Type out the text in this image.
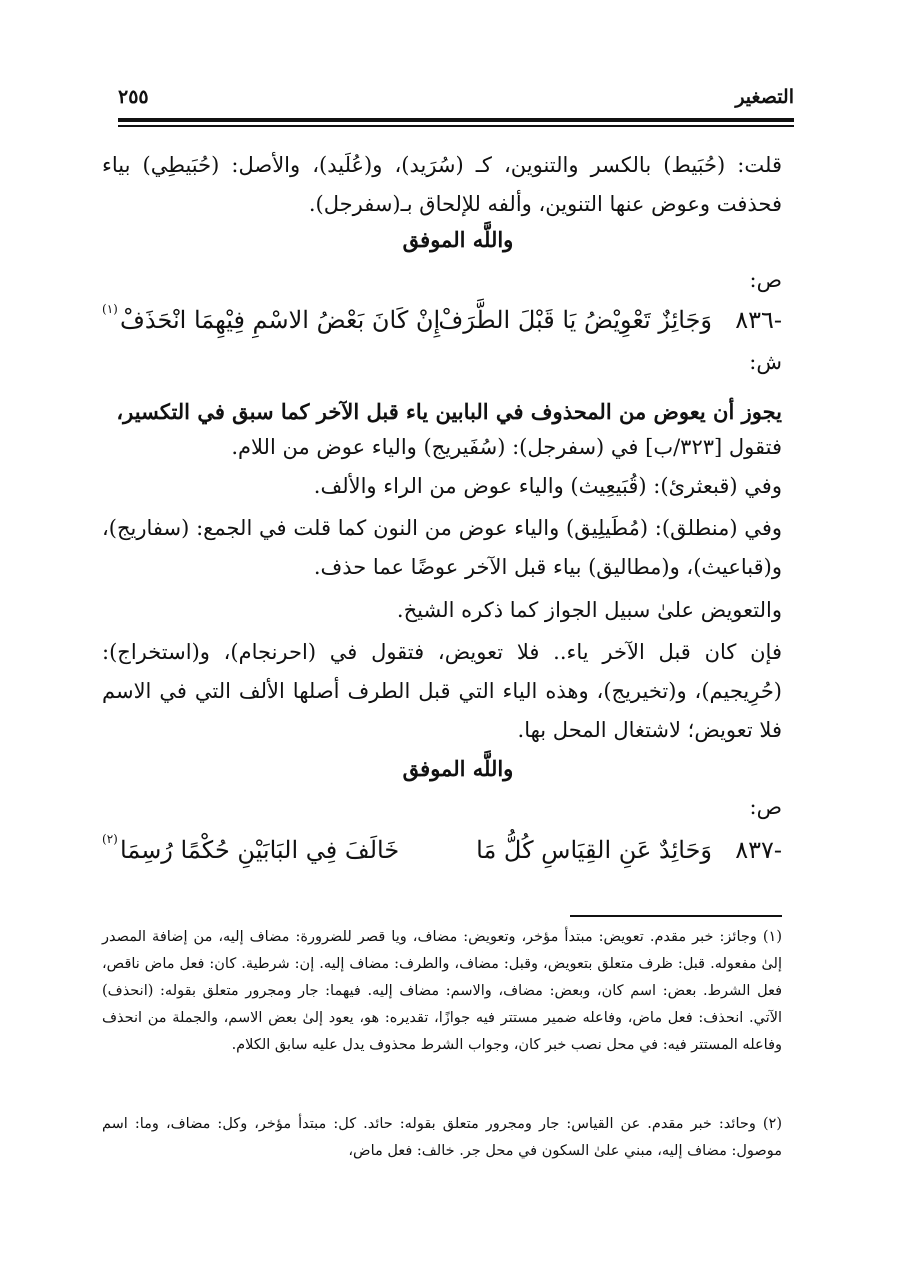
التصغير
٢٥٥
قلت: (حُبَيط) بالكسر والتنوين، كـ (سُرَيد)، و(عُلَيد)، والأصل: (حُبَيطِي) بياء فحذفت وعوض عنها التنوين، وألفه للإلحاق بـ(سفرجل).
واللَّه الموفق
ص:
٨٣٦-
وَجَائِزٌ تَعْوِيْضُ يَا قَبْلَ الطَّرَفْ
إِنْ كَانَ بَعْضُ الاسْمِ فِيْهِمَا انْحَذَفْ
(١)
ش:
يجوز أن يعوض من المحذوف في البابين ياء قبل الآخر كما سبق في التكسير،
فتقول [٣٢٣/ب] في (سفرجل): (سُفَيريج) والياء عوض من اللام.
وفي (قبعثرئ): (قُبَيعِيث) والياء عوض من الراء والألف.
وفي (منطلق): (مُطَيلِيق) والياء عوض من النون كما قلت في الجمع: (سفاريج)، و(قباعيث)، و(مطاليق) بياء قبل الآخر عوضًا عما حذف.
والتعويض علىٰ سبيل الجواز كما ذكره الشيخ.
فإن كان قبل الآخر ياء.. فلا تعويض، فتقول في (احرنجام)، و(استخراج): (حُرِيجيم)، و(تخيريج)، وهذه الياء التي قبل الطرف أصلها الألف التي في الاسم فلا تعويض؛ لاشتغال المحل بها.
واللَّه الموفق
ص:
٨٣٧-
وَحَائِدٌ عَنِ القِيَاسِ كُلُّ مَا
خَالَفَ فِي البَابَيْنِ حُكْمًا رُسِمَا
(٢)
(١) وجائز: خبر مقدم. تعويض: مبتدأ مؤخر، وتعويض: مضاف، ويا قصر للضرورة: مضاف إليه، من إضافة المصدر إلىٰ مفعوله. قبل: ظرف متعلق بتعويض، وقبل: مضاف، والطرف: مضاف إليه. إن: شرطية. كان: فعل ماض ناقص، فعل الشرط. بعض: اسم كان، وبعض: مضاف، والاسم: مضاف إليه. فيهما: جار ومجرور متعلق بقوله: (انحذف) الآتي. انحذف: فعل ماض، وفاعله ضمير مستتر فيه جوازًا، تقديره: هو، يعود إلىٰ بعض الاسم، والجملة من انحذف وفاعله المستتر فيه: في محل نصب خبر كان، وجواب الشرط محذوف يدل عليه سابق الكلام.
(٢) وحائد: خبر مقدم. عن القياس: جار ومجرور متعلق بقوله: حائد. كل: مبتدأ مؤخر، وكل: مضاف، وما: اسم موصول: مضاف إليه، مبني علىٰ السكون في محل جر. خالف: فعل ماض،
